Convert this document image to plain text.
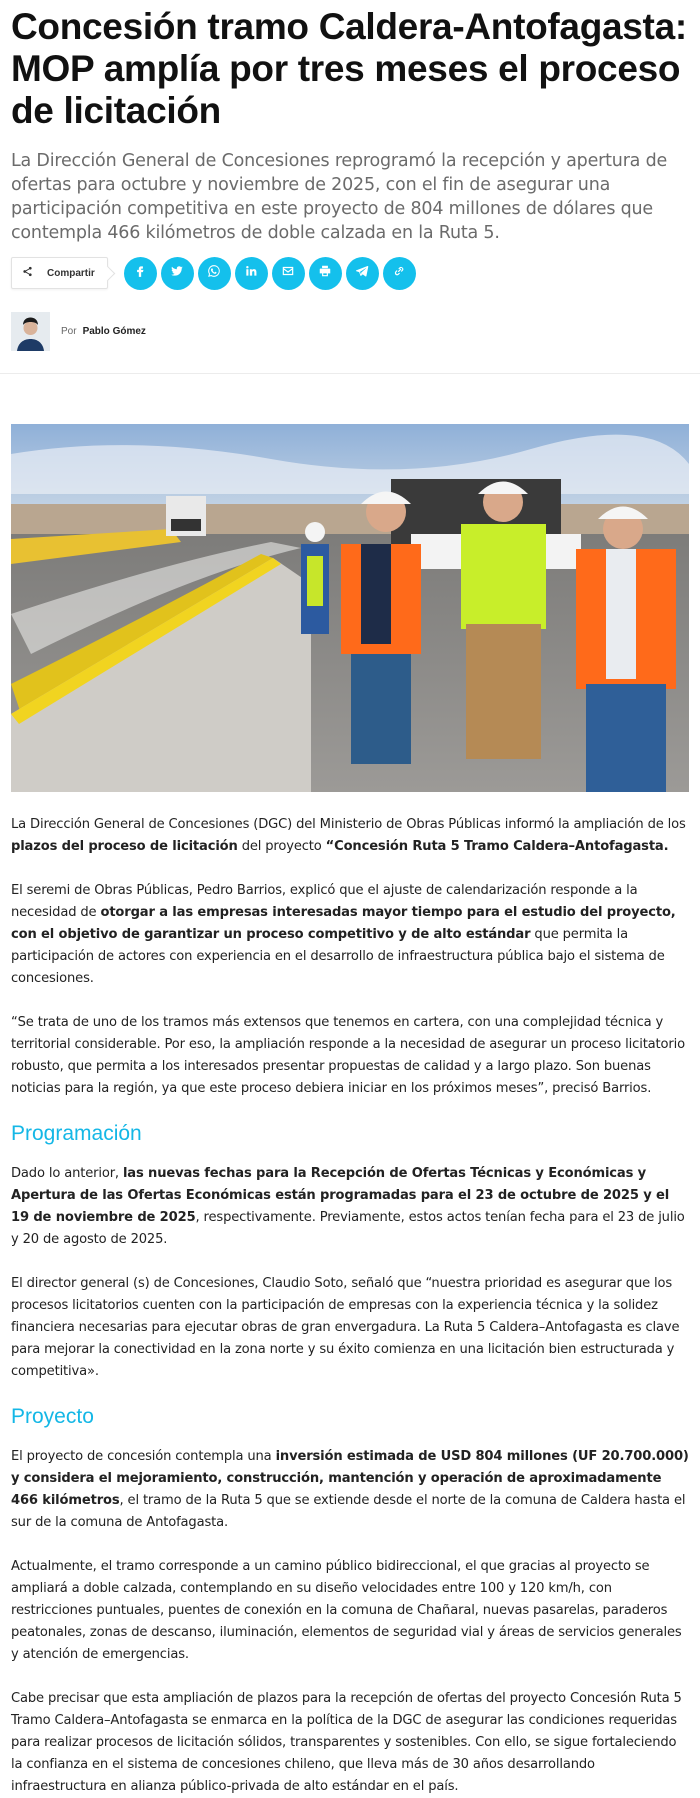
Concesión tramo Caldera-Antofagasta: MOP amplía por tres meses el proceso de licitación

La Dirección General de Concesiones reprogramó la recepción y apertura de ofertas para octubre y noviembre de 2025, con el fin de asegurar una participación competitiva en este proyecto de 804 millones de dólares que contempla 466 kilómetros de doble calzada en la Ruta 5.

Compartir
Por Pablo Gómez

La Dirección General de Concesiones (DGC) del Ministerio de Obras Públicas informó la ampliación de los plazos del proceso de licitación del proyecto “Concesión Ruta 5 Tramo Caldera–Antofagasta.

El seremi de Obras Públicas, Pedro Barrios, explicó que el ajuste de calendarización responde a la necesidad de otorgar a las empresas interesadas mayor tiempo para el estudio del proyecto, con el objetivo de garantizar un proceso competitivo y de alto estándar que permita la participación de actores con experiencia en el desarrollo de infraestructura pública bajo el sistema de concesiones.

“Se trata de uno de los tramos más extensos que tenemos en cartera, con una complejidad técnica y territorial considerable. Por eso, la ampliación responde a la necesidad de asegurar un proceso licitatorio robusto, que permita a los interesados presentar propuestas de calidad y a largo plazo. Son buenas noticias para la región, ya que este proceso debiera iniciar en los próximos meses”, precisó Barrios.

Programación

Dado lo anterior, las nuevas fechas para la Recepción de Ofertas Técnicas y Económicas y Apertura de las Ofertas Económicas están programadas para el 23 de octubre de 2025 y el 19 de noviembre de 2025, respectivamente. Previamente, estos actos tenían fecha para el 23 de julio y 20 de agosto de 2025.

El director general (s) de Concesiones, Claudio Soto, señaló que “nuestra prioridad es asegurar que los procesos licitatorios cuenten con la participación de empresas con la experiencia técnica y la solidez financiera necesarias para ejecutar obras de gran envergadura. La Ruta 5 Caldera–Antofagasta es clave para mejorar la conectividad en la zona norte y su éxito comienza en una licitación bien estructurada y competitiva».

Proyecto

El proyecto de concesión contempla una inversión estimada de USD 804 millones (UF 20.700.000) y considera el mejoramiento, construcción, mantención y operación de aproximadamente 466 kilómetros, el tramo de la Ruta 5 que se extiende desde el norte de la comuna de Caldera hasta el sur de la comuna de Antofagasta.

Actualmente, el tramo corresponde a un camino público bidireccional, el que gracias al proyecto se ampliará a doble calzada, contemplando en su diseño velocidades entre 100 y 120 km/h, con restricciones puntuales, puentes de conexión en la comuna de Chañaral, nuevas pasarelas, paraderos peatonales, zonas de descanso, iluminación, elementos de seguridad vial y áreas de servicios generales y atención de emergencias.

Cabe precisar que esta ampliación de plazos para la recepción de ofertas del proyecto Concesión Ruta 5 Tramo Caldera–Antofagasta se enmarca en la política de la DGC de asegurar las condiciones requeridas para realizar procesos de licitación sólidos, transparentes y sostenibles. Con ello, se sigue fortaleciendo la confianza en el sistema de concesiones chileno, que lleva más de 30 años desarrollando infraestructura en alianza público-privada de alto estándar en el país.
